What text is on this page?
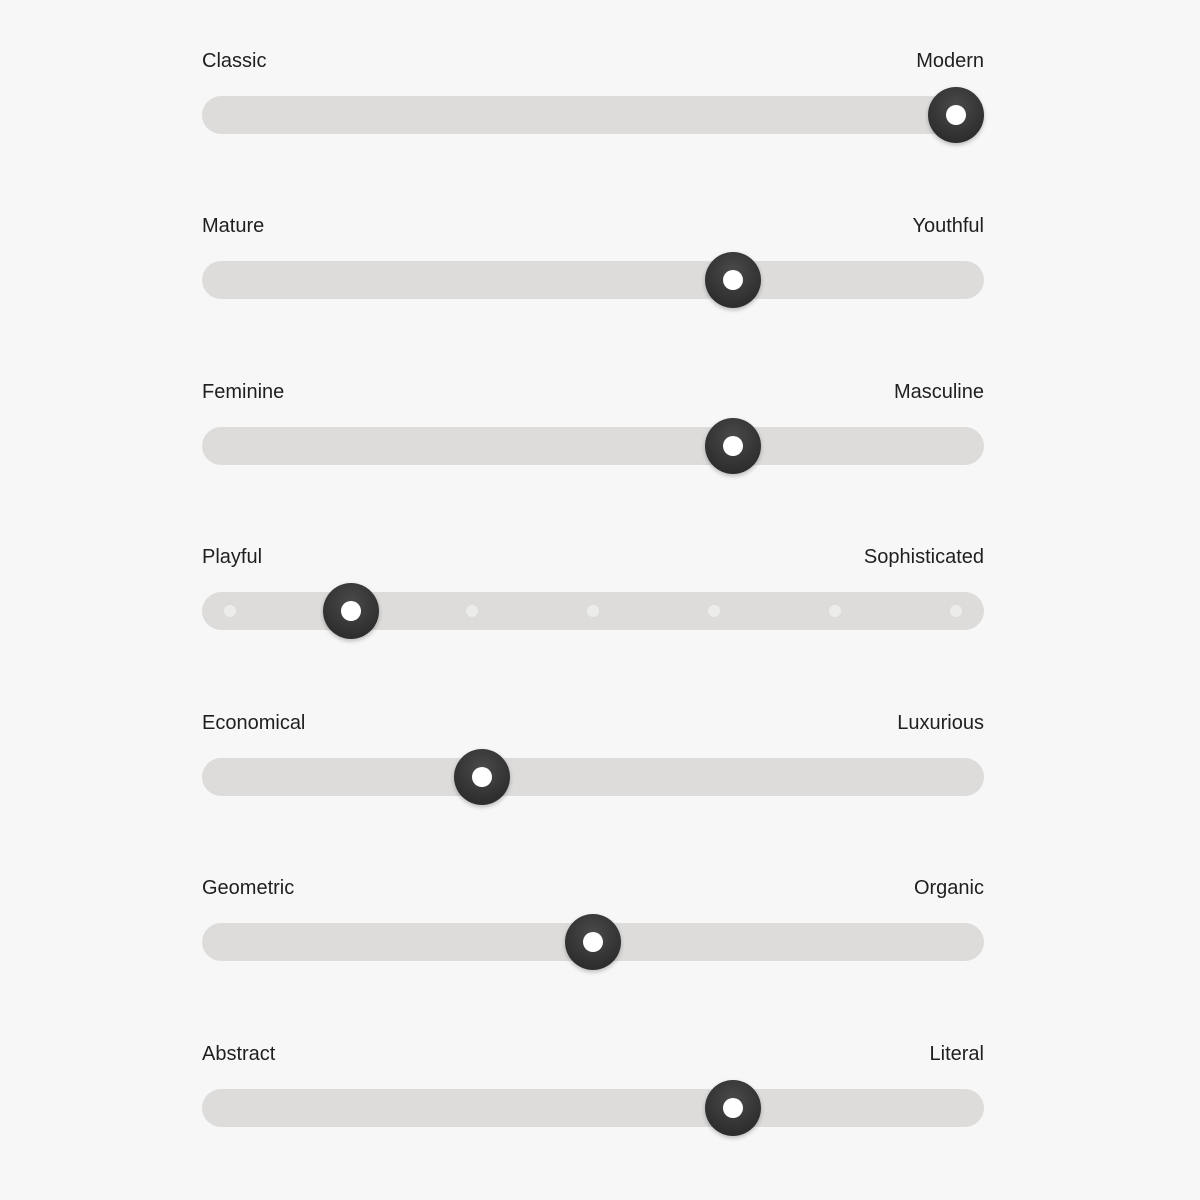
Classic	Modern
Mature	Youthful
Feminine	Masculine
Playful	Sophisticated
Economical	Luxurious
Geometric	Organic
Abstract	Literal
